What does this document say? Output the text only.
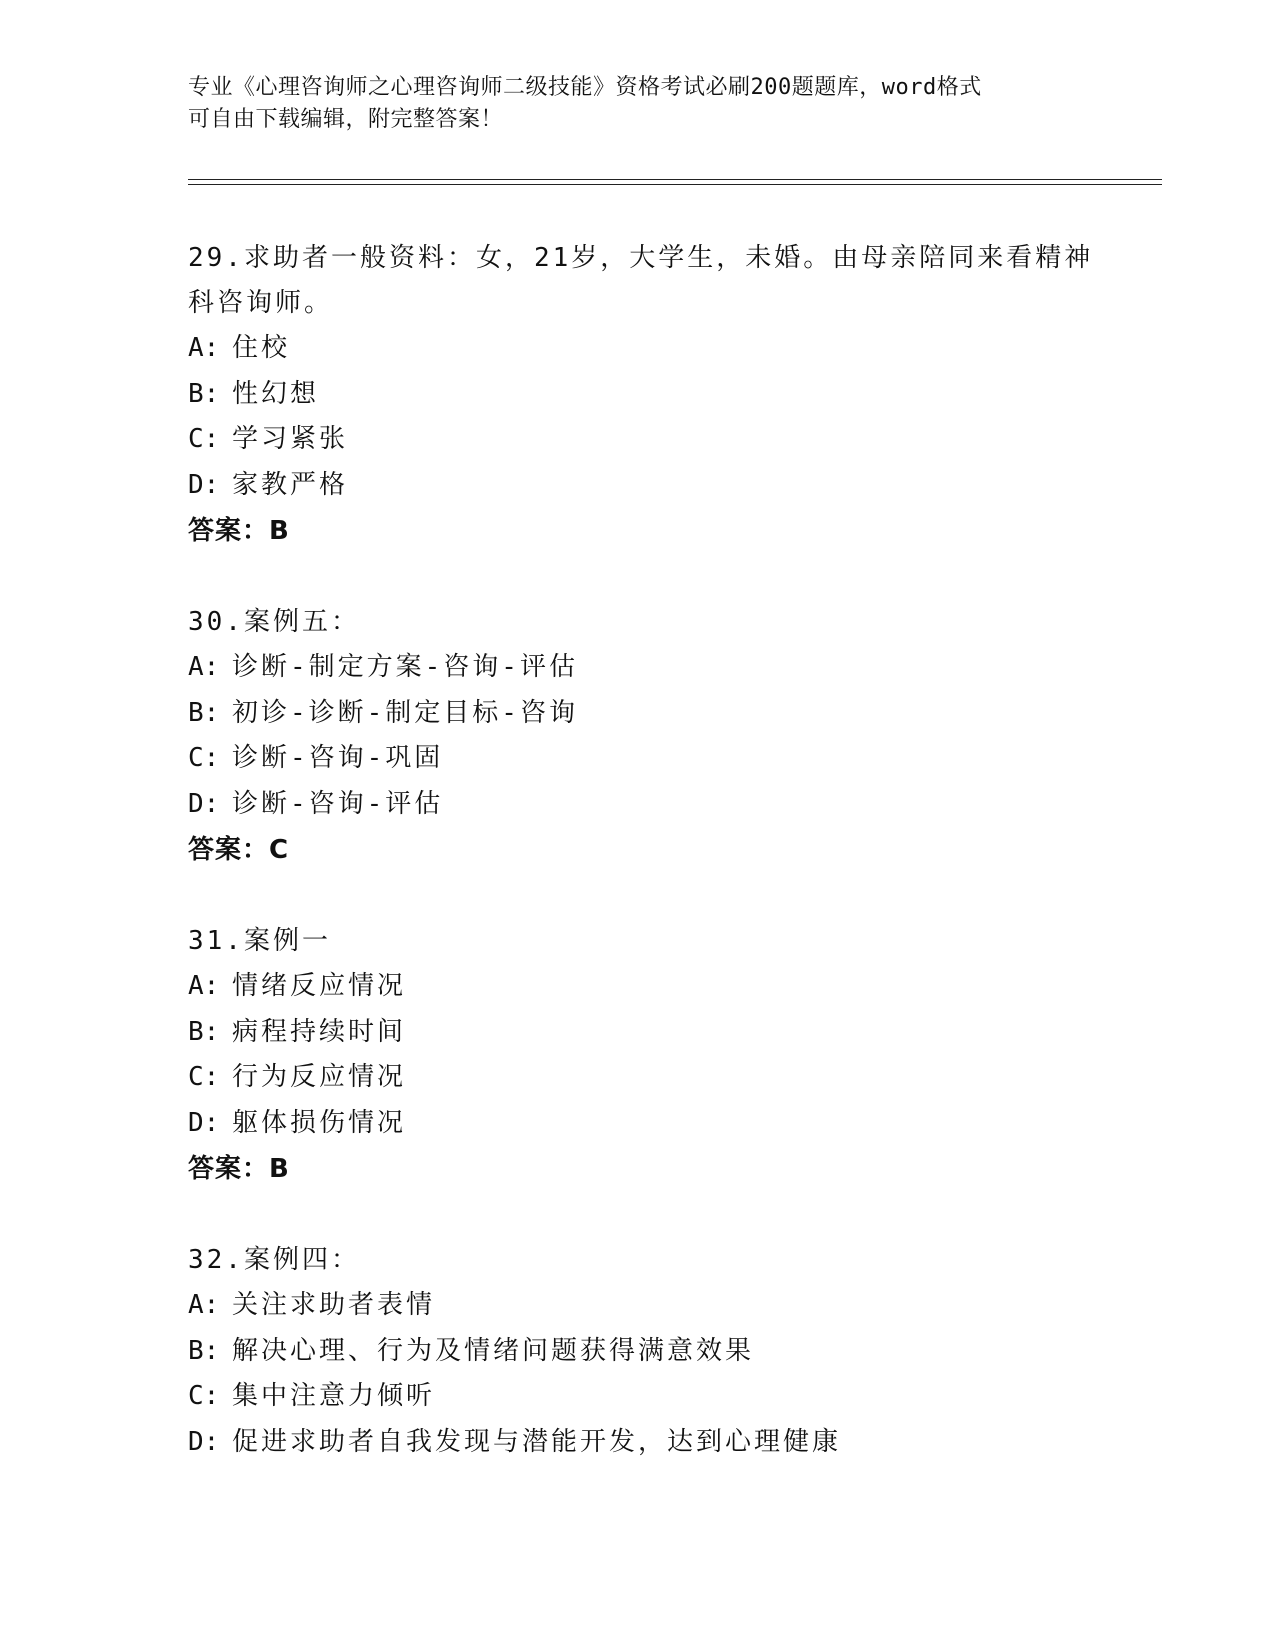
专业《心理咨询师之心理咨询师二级技能》资格考试必刷200题题库，word格式
可自由下载编辑，附完整答案！
29.求助者一般资料：女，21岁，大学生，未婚。由母亲陪同来看精神
科咨询师。
A: 住校
B: 性幻想
C: 学习紧张
D: 家教严格
答案：B
30.案例五：
A: 诊断-制定方案-咨询-评估
B: 初诊-诊断-制定目标-咨询
C: 诊断-咨询-巩固
D: 诊断-咨询-评估
答案：C
31.案例一
A: 情绪反应情况
B: 病程持续时间
C: 行为反应情况
D: 躯体损伤情况
答案：B
32.案例四：
A: 关注求助者表情
B: 解决心理、行为及情绪问题获得满意效果
C: 集中注意力倾听
D: 促进求助者自我发现与潜能开发，达到心理健康
